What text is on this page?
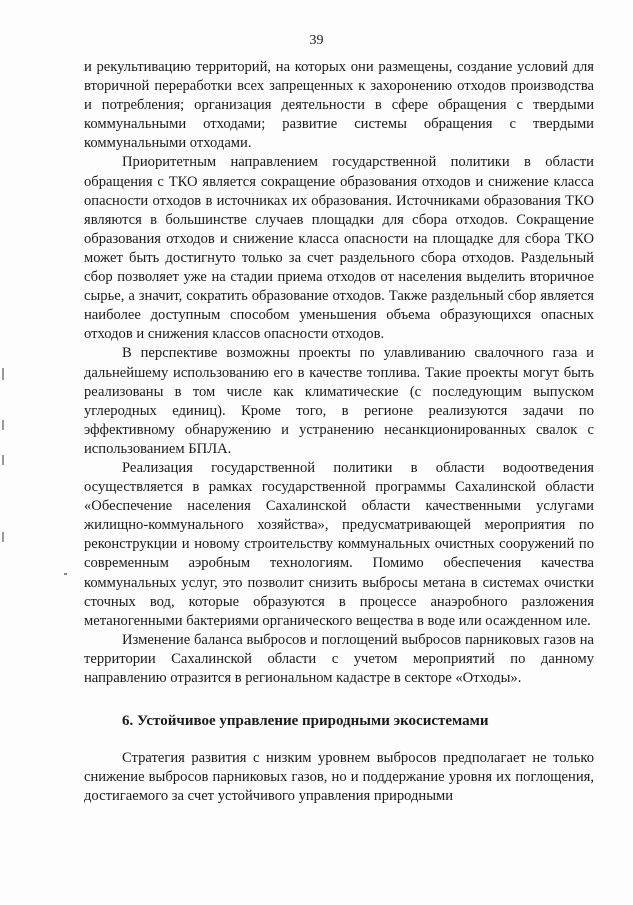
39

и рекультивацию территорий, на которых они размещены, создание условий для вторичной переработки всех запрещенных к захоронению отходов производства и потребления; организация деятельности в сфере обращения с твердыми коммунальными отходами; развитие системы обращения с твердыми коммунальными отходами.

Приоритетным направлением государственной политики в области обращения с ТКО является сокращение образования отходов и снижение класса опасности отходов в источниках их образования. Источниками образования ТКО являются в большинстве случаев площадки для сбора отходов. Сокращение образования отходов и снижение класса опасности на площадке для сбора ТКО может быть достигнуто только за счет раздельного сбора отходов. Раздельный сбор позволяет уже на стадии приема отходов от населения выделить вторичное сырье, а значит, сократить образование отходов. Также раздельный сбор является наиболее доступным способом уменьшения объема образующихся опасных отходов и снижения классов опасности отходов.

В перспективе возможны проекты по улавливанию свалочного газа и дальнейшему использованию его в качестве топлива. Такие проекты могут быть реализованы в том числе как климатические (с последующим выпуском углеродных единиц). Кроме того, в регионе реализуются задачи по эффективному обнаружению и устранению несанкционированных свалок с использованием БПЛА.

Реализация государственной политики в области водоотведения осуществляется в рамках государственной программы Сахалинской области «Обеспечение населения Сахалинской области качественными услугами жилищно-коммунального хозяйства», предусматривающей мероприятия по реконструкции и новому строительству коммунальных очистных сооружений по современным аэробным технологиям. Помимо обеспечения качества коммунальных услуг, это позволит снизить выбросы метана в системах очистки сточных вод, которые образуются в процессе анаэробного разложения метаногенными бактериями органического вещества в воде или осажденном иле.

Изменение баланса выбросов и поглощений выбросов парниковых газов на территории Сахалинской области с учетом мероприятий по данному направлению отразится в региональном кадастре в секторе «Отходы».

6. Устойчивое управление природными экосистемами

Стратегия развития с низким уровнем выбросов предполагает не только снижение выбросов парниковых газов, но и поддержание уровня их поглощения, достигаемого за счет устойчивого управления природными
